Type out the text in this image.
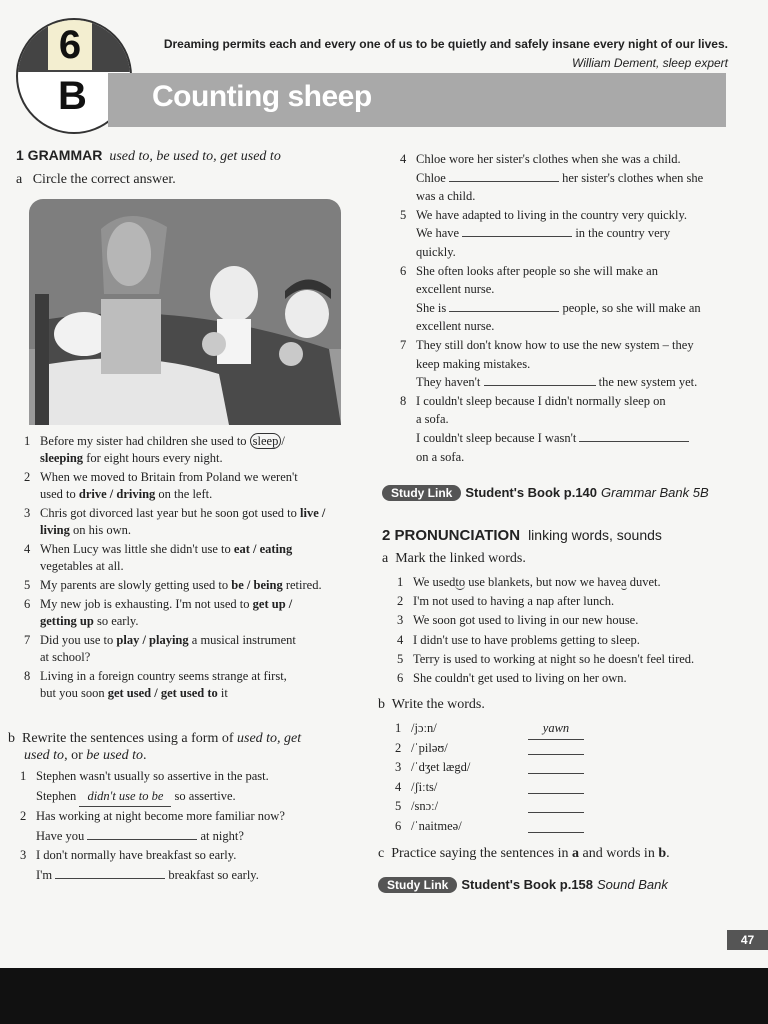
6
B
Dreaming permits each and every one of us to be quietly and safely insane every night of our lives.
William Dement, sleep expert
Counting sheep
1 GRAMMAR used to, be used to, get used to
a Circle the correct answer.
1 Before my sister had children she used to sleep /
sleeping for eight hours every night.
2 When we moved to Britain from Poland we weren't
used to drive / driving on the left.
3 Chris got divorced last year but he soon got used to live /
living on his own.
4 When Lucy was little she didn't use to eat / eating
vegetables at all.
5 My parents are slowly getting used to be / being retired.
6 My new job is exhausting. I'm not used to get up /
getting up so early.
7 Did you use to play / playing a musical instrument
at school?
8 Living in a foreign country seems strange at first,
but you soon get used / get used to it
b Rewrite the sentences using a form of used to, get
used to, or be used to.
1 Stephen wasn't usually so assertive in the past.
Stephen didn't use to be so assertive.
2 Has working at night become more familiar now?
Have you	at night?
3 I don't normally have breakfast so early.
I'm	breakfast so early.
4 Chloe wore her sister's clothes when she was a child.
Chloe	her sister's clothes when she
was a child.
5 We have adapted to living in the country very quickly.
We have	in the country very
quickly.
6 She often looks after people so she will make an
excellent nurse.
She is	people, so she will make an
excellent nurse.
7 They still don't know how to use the new system – they
keep making mistakes.
They haven't	the new system yet.
8 I couldn't sleep because I didn't normally sleep on
a sofa.
I couldn't sleep because I wasn't
on a sofa.
Study Link Student's Book p.140 Grammar Bank 5B
2 PRONUNCIATION linking words, sounds
a Mark the linked words.
1 We usedto use blankets, but now we havea duvet.
2 I'm not used to having a nap after lunch.
3 We soon got used to living in our new house.
4 I didn't use to have problems getting to sleep.
5 Terry is used to working at night so he doesn't feel tired.
6 She couldn't get used to living on her own.
b Write the words.
1 /jɔːn/	yawn
2 /ˈpiləʊ/
3 /ˈdʒet lægd/
4 /ʃiːts/
5 /snɔː/
6 /ˈnaitmeə/
c Practice saying the sentences in a and words in b.
Study Link Student's Book p.158 Sound Bank
47
